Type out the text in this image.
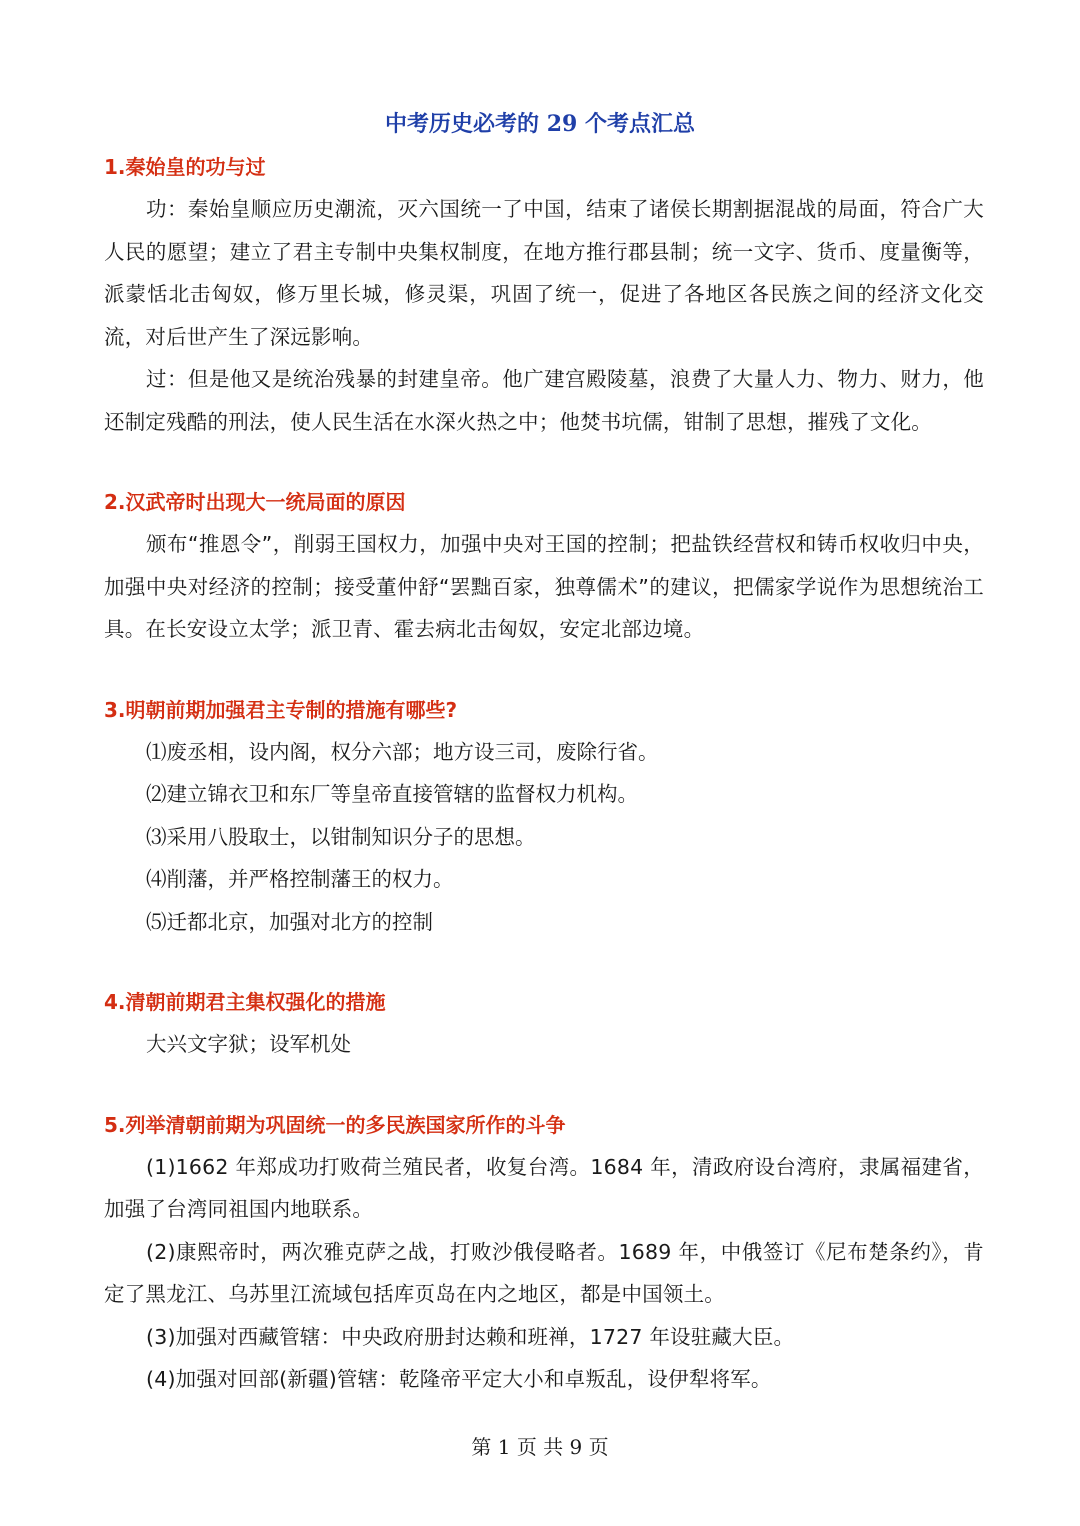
中考历史必考的 29 个考点汇总
1.秦始皇的功与过

功：秦始皇顺应历史潮流，灭六国统一了中国，结束了诸侯长期割据混战的局面，符合广大人民的愿望；建立了君主专制中央集权制度，在地方推行郡县制；统一文字、货币、度量衡等，派蒙恬北击匈奴，修万里长城，修灵渠，巩固了统一，促进了各地区各民族之间的经济文化交流，对后世产生了深远影响。

过：但是他又是统治残暴的封建皇帝。他广建宫殿陵墓，浪费了大量人力、物力、财力，他还制定残酷的刑法，使人民生活在水深火热之中；他焚书坑儒，钳制了思想，摧残了文化。

2.汉武帝时出现大一统局面的原因

颁布“推恩令”，削弱王国权力，加强中央对王国的控制；把盐铁经营权和铸币权收归中央，加强中央对经济的控制；接受董仲舒“罢黜百家，独尊儒术”的建议，把儒家学说作为思想统治工具。在长安设立太学；派卫青、霍去病北击匈奴，安定北部边境。

3.明朝前期加强君主专制的措施有哪些?

⑴废丞相，设内阁，权分六部；地方设三司，废除行省。

⑵建立锦衣卫和东厂等皇帝直接管辖的监督权力机构。

⑶采用八股取士，以钳制知识分子的思想。

⑷削藩，并严格控制藩王的权力。

⑸迁都北京，加强对北方的控制

4.清朝前期君主集权强化的措施

大兴文字狱；设军机处

5.列举清朝前期为巩固统一的多民族国家所作的斗争

(1)1662 年郑成功打败荷兰殖民者，收复台湾。1684 年，清政府设台湾府，隶属福建省，加强了台湾同祖国内地联系。

(2)康熙帝时，两次雅克萨之战，打败沙俄侵略者。1689 年，中俄签订《尼布楚条约》，肯定了黑龙江、乌苏里江流域包括库页岛在内之地区，都是中国领土。

(3)加强对西藏管辖：中央政府册封达赖和班禅，1727 年设驻藏大臣。

(4)加强对回部(新疆)管辖：乾隆帝平定大小和卓叛乱，设伊犁将军。

第 1 页 共 9 页
